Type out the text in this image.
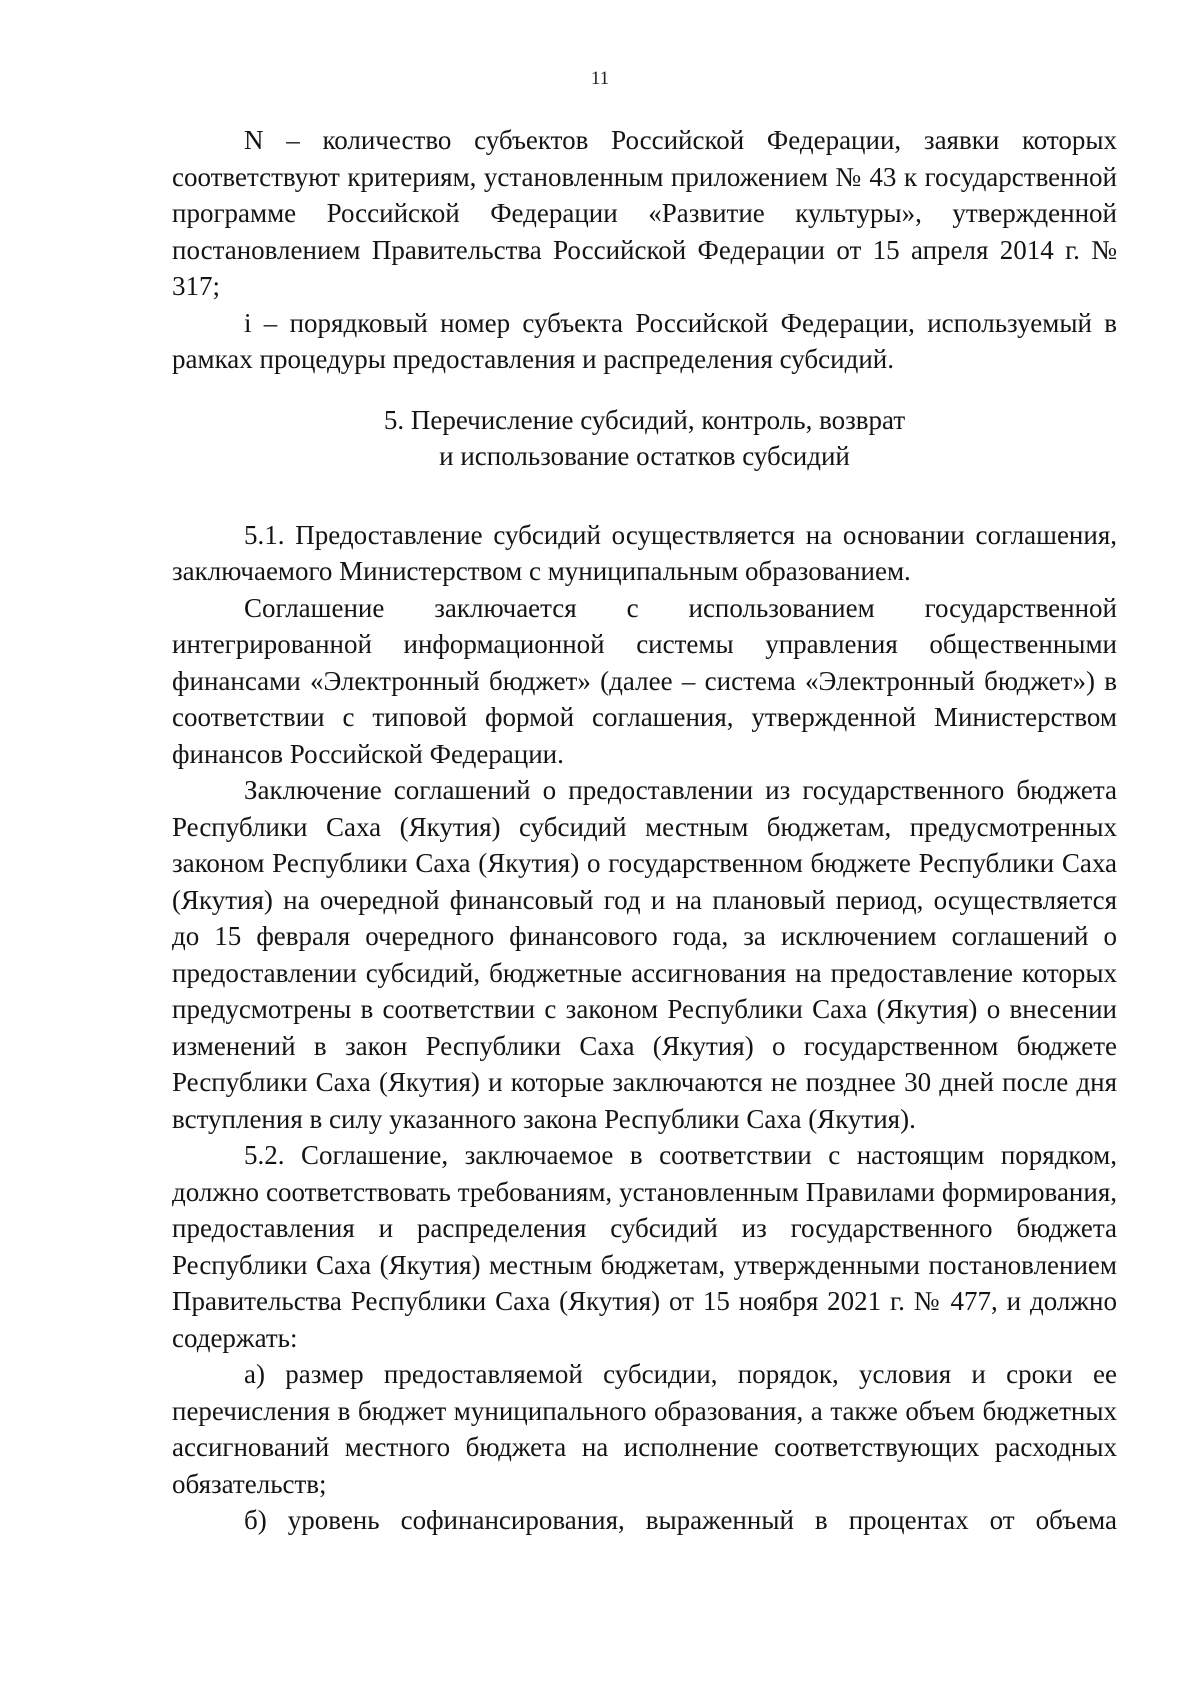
11

N – количество субъектов Российской Федерации, заявки которых соответствуют критериям, установленным приложением № 43 к государственной программе Российской Федерации «Развитие культуры», утвержденной постановлением Правительства Российской Федерации от 15 апреля 2014 г. № 317;

i – порядковый номер субъекта Российской Федерации, используемый в рамках процедуры предоставления и распределения субсидий.

5. Перечисление субсидий, контроль, возврат
и использование остатков субсидий

5.1. Предоставление субсидий осуществляется на основании соглашения, заключаемого Министерством с муниципальным образованием.

Соглашение заключается с использованием государственной интегрированной информационной системы управления общественными финансами «Электронный бюджет» (далее – система «Электронный бюджет») в соответствии с типовой формой соглашения, утвержденной Министерством финансов Российской Федерации.

Заключение соглашений о предоставлении из государственного бюджета Республики Саха (Якутия) субсидий местным бюджетам, предусмотренных законом Республики Саха (Якутия) о государственном бюджете Республики Саха (Якутия) на очередной финансовый год и на плановый период, осуществляется до 15 февраля очередного финансового года, за исключением соглашений о предоставлении субсидий, бюджетные ассигнования на предоставление которых предусмотрены в соответствии с законом Республики Саха (Якутия) о внесении изменений в закон Республики Саха (Якутия) о государственном бюджете Республики Саха (Якутия) и которые заключаются не позднее 30 дней после дня вступления в силу указанного закона Республики Саха (Якутия).

5.2. Соглашение, заключаемое в соответствии с настоящим порядком, должно соответствовать требованиям, установленным Правилами формирования, предоставления и распределения субсидий из государственного бюджета Республики Саха (Якутия) местным бюджетам, утвержденными постановлением Правительства Республики Саха (Якутия) от 15 ноября 2021 г. № 477, и должно содержать:

а) размер предоставляемой субсидии, порядок, условия и сроки ее перечисления в бюджет муниципального образования, а также объем бюджетных ассигнований местного бюджета на исполнение соответствующих расходных обязательств;

б) уровень софинансирования, выраженный в процентах от объема
